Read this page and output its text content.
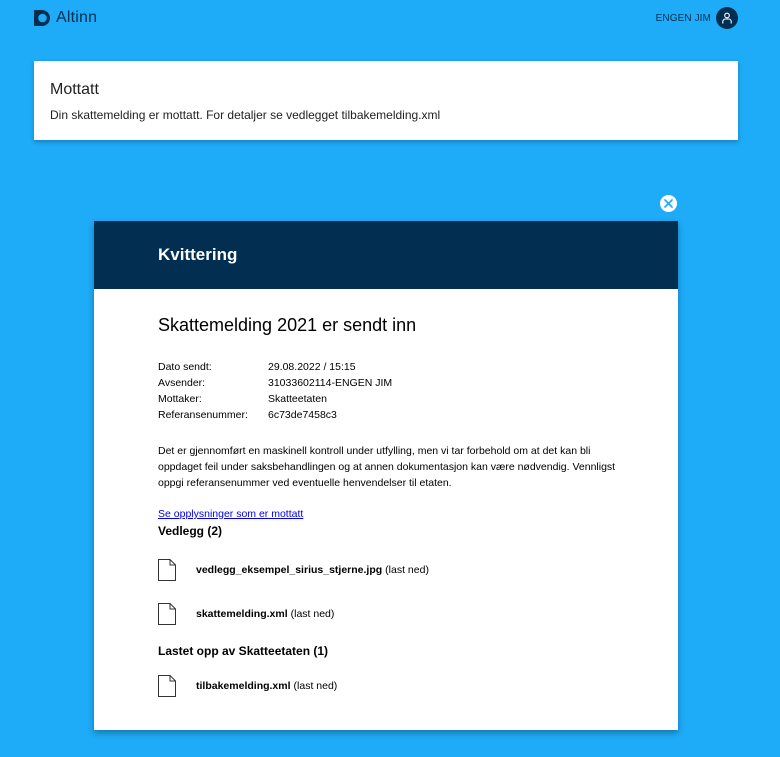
Altinn	ENGEN JIM
Mottatt
Din skattemelding er mottatt. For detaljer se vedlegget tilbakemelding.xml
Kvittering
Skattemelding 2021 er sendt inn
Dato sendt:	29.08.2022 / 15:15
Avsender:	31033602114-ENGEN JIM
Mottaker:	Skatteetaten
Referansenummer:	6c73de7458c3
Det er gjennomført en maskinell kontroll under utfylling, men vi tar forbehold om at det kan bli oppdaget feil under saksbehandlingen og at annen dokumentasjon kan være nødvendig. Vennligst oppgi referansenummer ved eventuelle henvendelser til etaten.
Se opplysninger som er mottatt
Vedlegg (2)
vedlegg_eksempel_sirius_stjerne.jpg (last ned)
skattemelding.xml (last ned)
Lastet opp av Skatteetaten (1)
tilbakemelding.xml (last ned)
